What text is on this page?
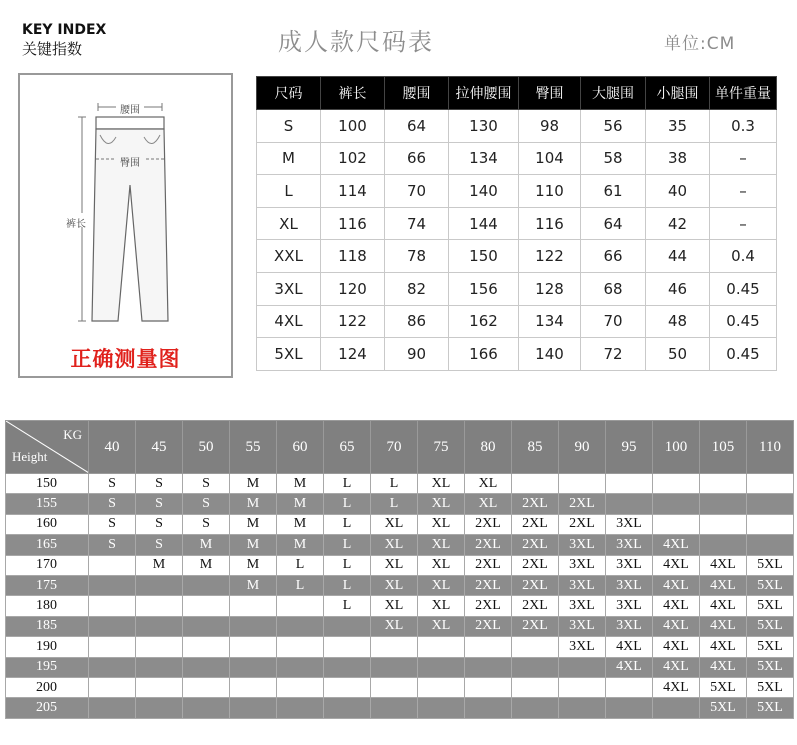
KEY INDEX
关键指数	成人款尺码表	单位:CM
腰围
臀围
裤长
正确测量图
尺码	裤长	腰围	拉伸腰围	臀围	大腿围	小腿围	单件重量
S	100	64	130	98	56	35	0.3
M	102	66	134	104	58	38	–
L	114	70	140	110	61	40	–
XL	116	74	144	116	64	42	–
XXL	118	78	150	122	66	44	0.4
3XL	120	82	156	128	68	46	0.45
4XL	122	86	162	134	70	48	0.45
5XL	124	90	166	140	72	50	0.45
KG
Height	40	45	50	55	60	65	70	75	80	85	90	95	100	105	110
150	S	S	S	M	M	L	L	XL	XL						
155	S	S	S	M	M	L	L	XL	XL	2XL	2XL				
160	S	S	S	M	M	L	XL	XL	2XL	2XL	2XL	3XL			
165	S	S	M	M	M	L	XL	XL	2XL	2XL	3XL	3XL	4XL		
170		M	M	M	L	L	XL	XL	2XL	2XL	3XL	3XL	4XL	4XL	5XL
175				M	L	L	XL	XL	2XL	2XL	3XL	3XL	4XL	4XL	5XL
180						L	XL	XL	2XL	2XL	3XL	3XL	4XL	4XL	5XL
185							XL	XL	2XL	2XL	3XL	3XL	4XL	4XL	5XL
190											3XL	4XL	4XL	4XL	5XL
195												4XL	4XL	4XL	5XL
200													4XL	5XL	5XL
205														5XL	5XL
